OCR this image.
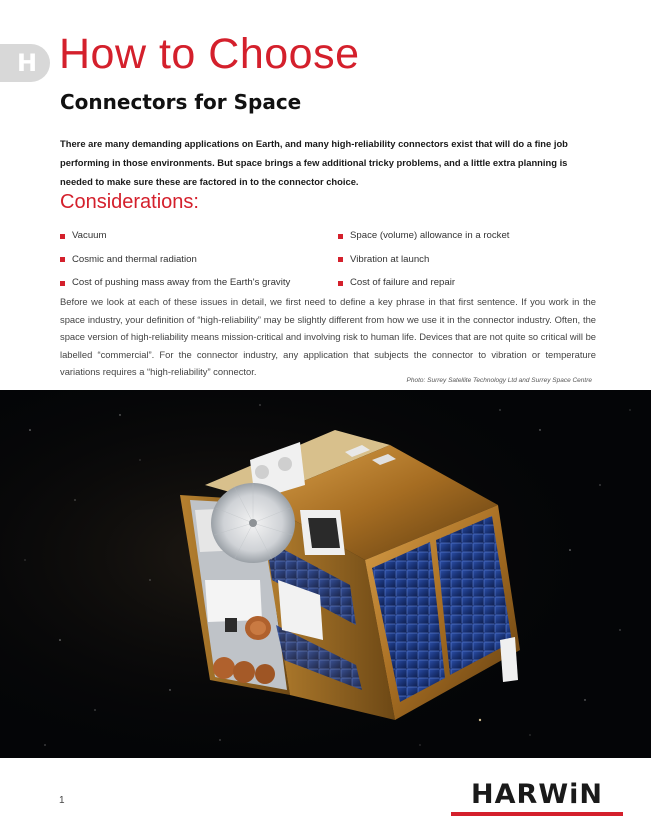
H How to Choose
Connectors for Space

There are many demanding applications on Earth, and many high-reliability connectors exist that will do a fine job performing in those environments. But space brings a few additional tricky problems, and a little extra planning is needed to make sure these are factored in to the connector choice.

Considerations:
Vacuum
Cosmic and thermal radiation
Cost of pushing mass away from the Earth's gravity
Space (volume) allowance in a rocket
Vibration at launch
Cost of failure and repair

Before we look at each of these issues in detail, we first need to define a key phrase in that first sentence. If you work in the space industry, your definition of “high-reliability” may be slightly different from how we use it in the connector industry. Often, the space version of high-reliability means mission-critical and involving risk to human life. Devices that are not quite so critical will be labelled “commercial”. For the connector industry, any application that subjects the connector to vibration or temperature variations requires a “high-reliability” connector.

Photo: Surrey Satellite Technology Ltd and Surrey Space Centre
1	HARWiN
